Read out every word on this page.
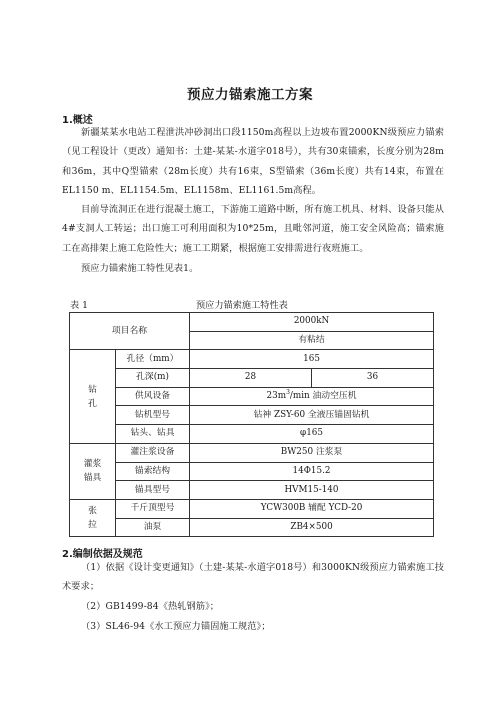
预应力锚索施工方案
1.概述
新疆某某水电站工程泄洪冲砂洞出口段1150m高程以上边坡布置2000KN级预应力锚索（见工程设计（更改）通知书：土建-某某-水道字018号），共有30束锚索，长度分别为28m和36m，其中Q型锚索（28m长度）共有16束，S型锚索（36m长度）共有14束，布置在EL1150 m、EL1154.5m、EL1158m、EL1161.5m高程。
目前导流洞正在进行混凝土施工，下游施工道路中断，所有施工机具、材料、设备只能从4#支洞人工转运；出口施工可利用面积为10*25m，且毗邻河道，施工安全风险高；锚索施工在高排架上施工危险性大；施工工期紧，根据施工安排需进行夜班施工。
预应力锚索施工特性见表1。
表 1	预应力锚索施工特性表
项目名称		2000kN	
		有粘结	
钻
孔	孔径（mm）	165	
	孔深(m)	28	36
	供风设备	$23m^3/\min$ 油动空压机	
	钻机型号	钻神 ZSY-60 全液压锚固钻机	
	钻头、钻具	φ165	
灌浆
锚具	灌注浆设备	BW250 注浆泵	
	锚索结构	14Φ15.2	
	锚具型号	HVM15-140	
张
拉	千斤顶型号	YCW300B 辅配 YCD-20	
	油泵	ZB4×500	
2.编制依据及规范
（1）依据《设计变更通知》（土建-某某-水道字018号）和3000KN级预应力锚索施工技术要求；
（2）GB1499-84《热轧钢筋》；
（3）SL46-94《水工预应力锚固施工规范》；
